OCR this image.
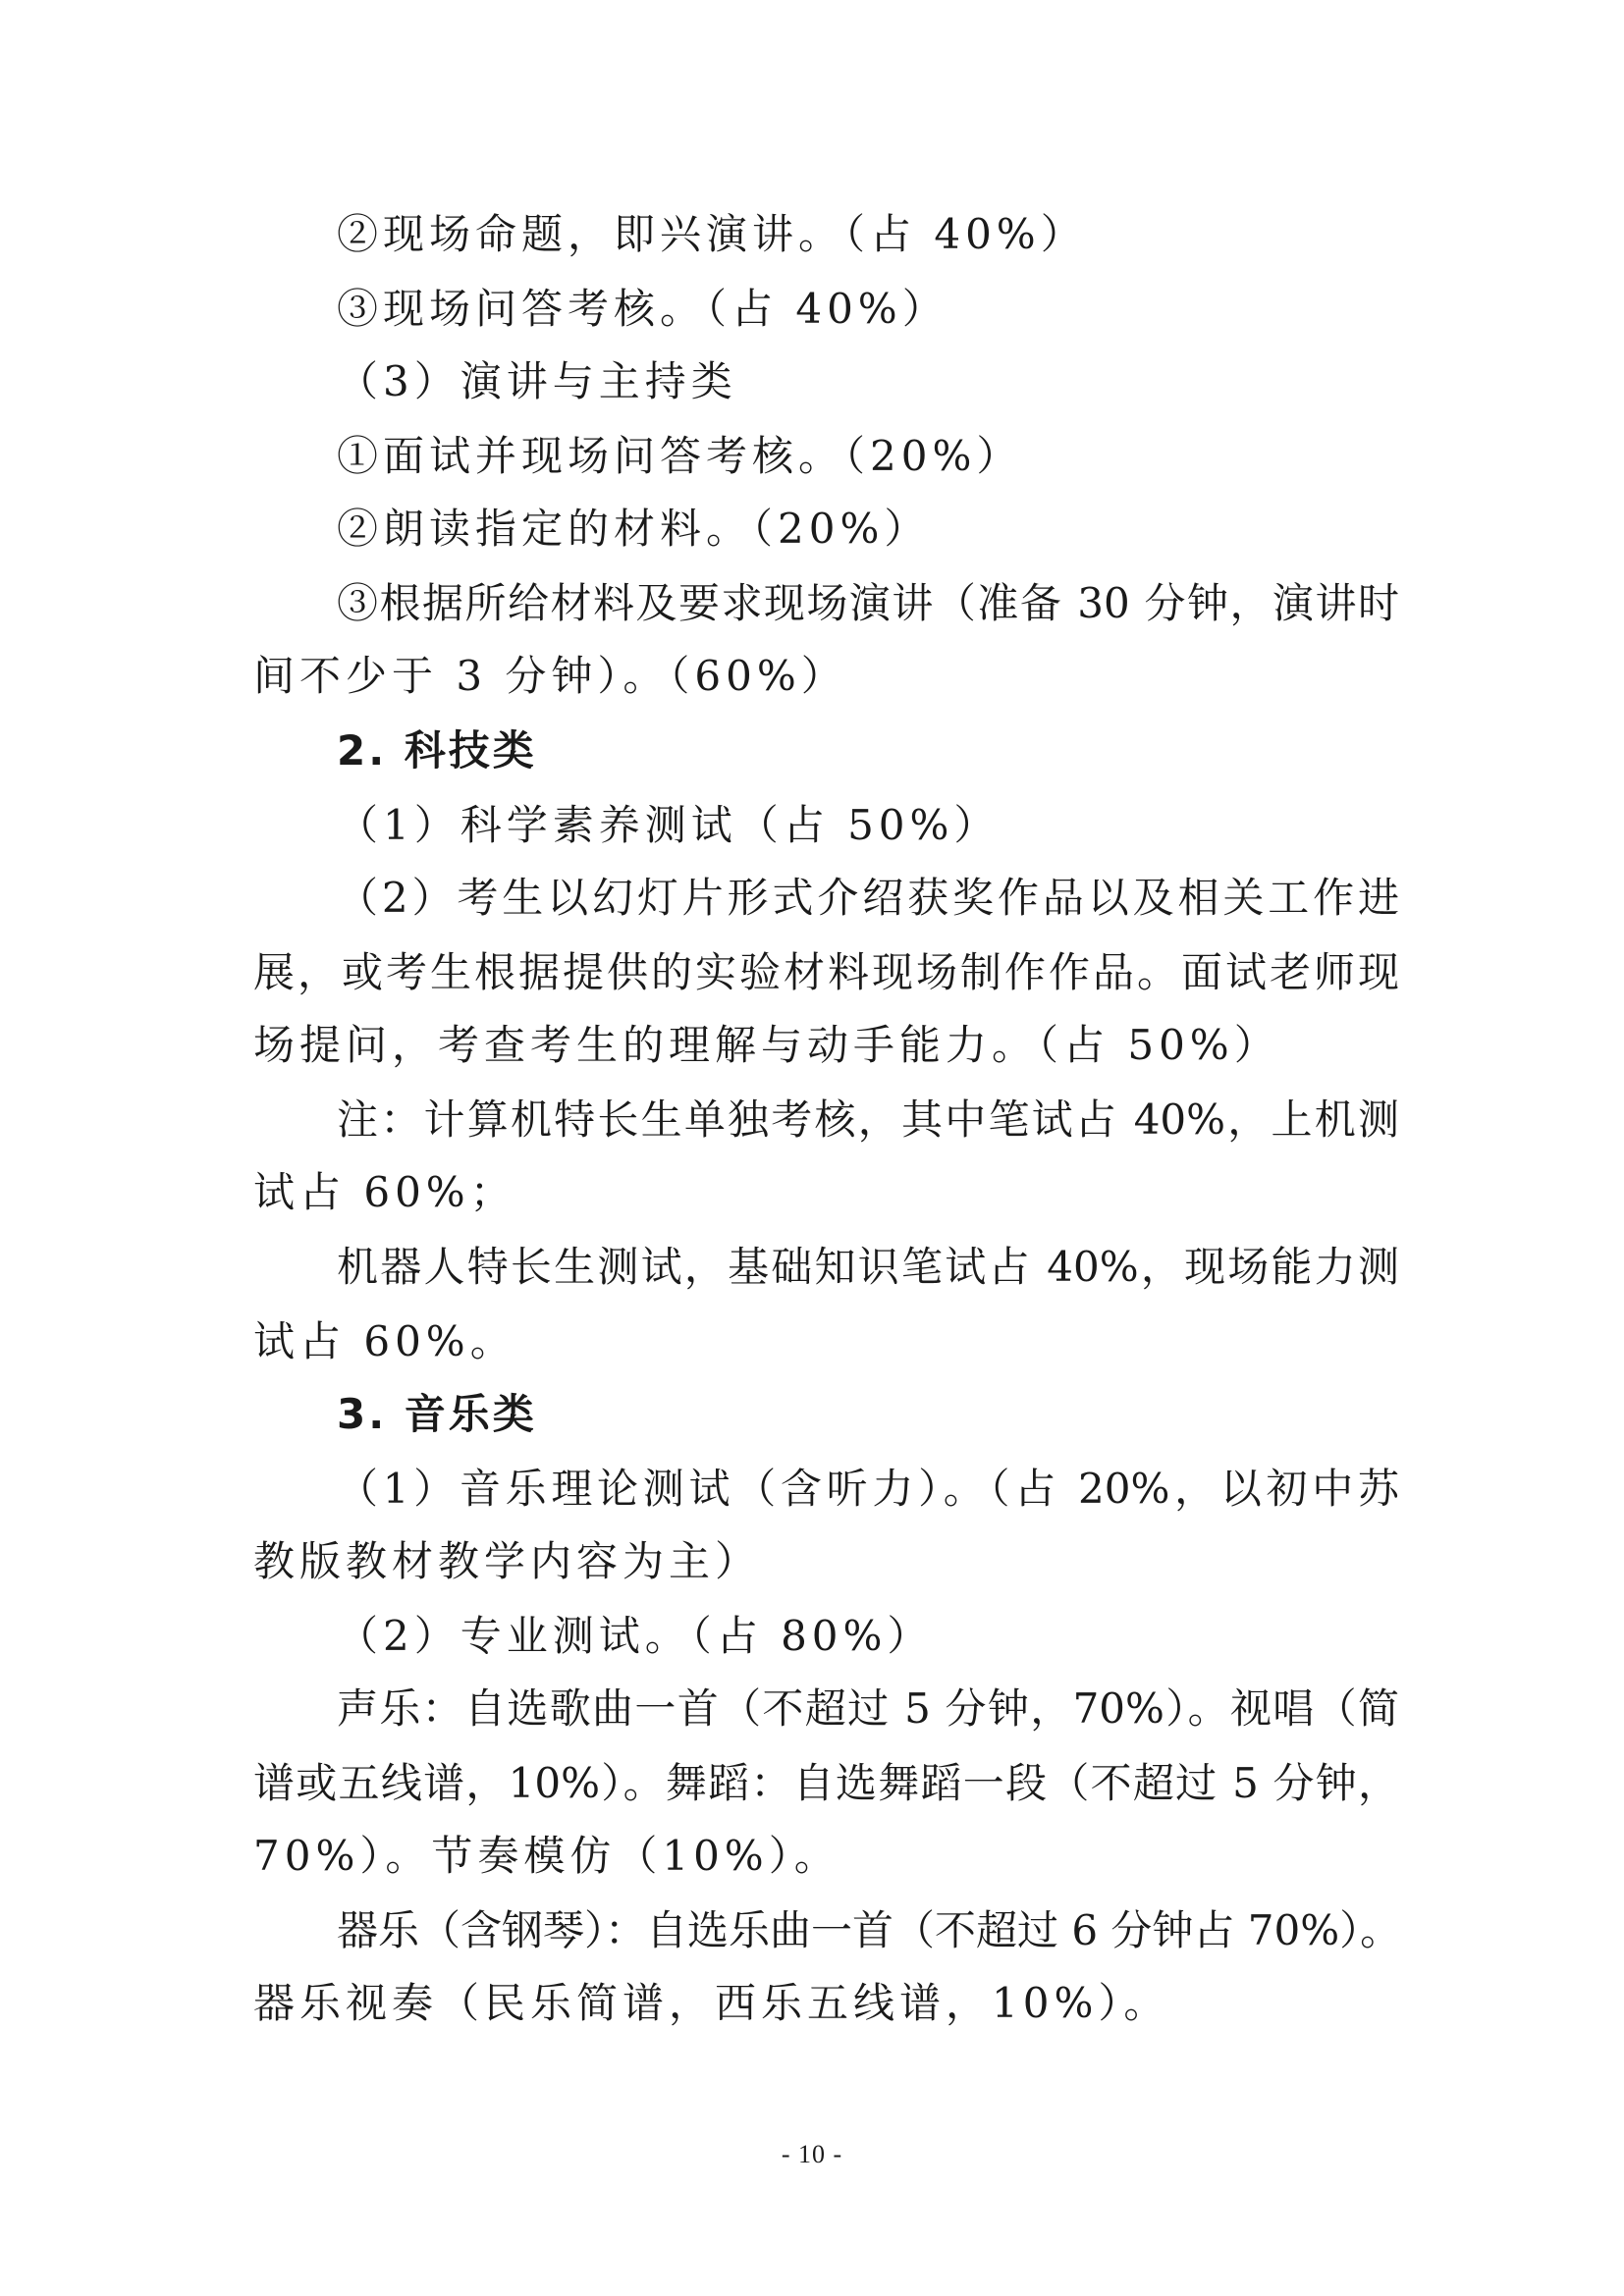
②现场命题，即兴演讲。（占 40%）
③现场问答考核。（占 40%）
（3）演讲与主持类
①面试并现场问答考核。（20%）
②朗读指定的材料。（20%）
③根据所给材料及要求现场演讲（准备 30 分钟，演讲时
间不少于 3 分钟）。（60%）
2. 科技类
（1）科学素养测试（占 50%）
（2）考生以幻灯片形式介绍获奖作品以及相关工作进
展，或考生根据提供的实验材料现场制作作品。面试老师现
场提问，考查考生的理解与动手能力。（占 50%）
注：计算机特长生单独考核，其中笔试占 40%，上机测
试占 60%；
机器人特长生测试，基础知识笔试占 40%，现场能力测
试占 60%。
3. 音乐类
（1）音乐理论测试（含听力）。（占 20%，以初中苏
教版教材教学内容为主）
（2）专业测试。（占 80%）
声乐：自选歌曲一首（不超过 5 分钟，70%）。视唱（简
谱或五线谱，10%）。舞蹈：自选舞蹈一段（不超过 5 分钟，
70%）。节奏模仿（10%）。
器乐（含钢琴）：自选乐曲一首（不超过 6 分钟占 70%）。
器乐视奏（民乐简谱，西乐五线谱，10%）。
- 10 -
